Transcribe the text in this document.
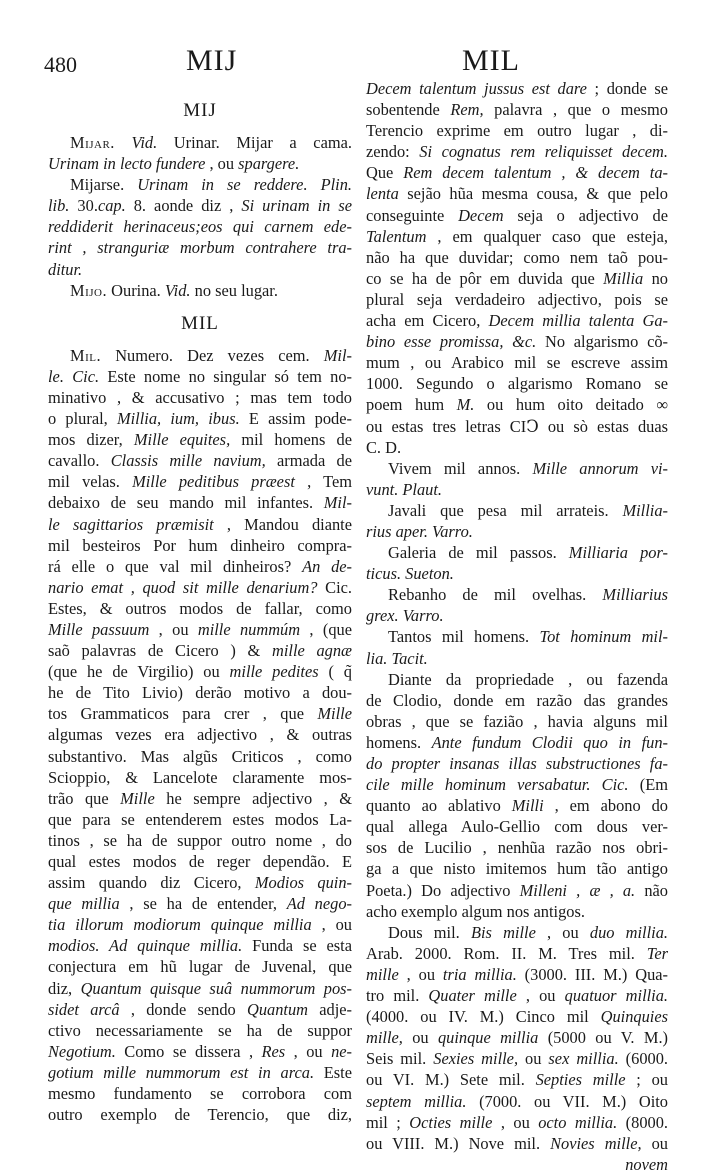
480	MIJ	MIL
MIJ
Mijar. Vid. Urinar. Mijar a cama.
Urinam in lecto fundere , ou spargere.
Mijarse. Urinam in se reddere. Plin.
lib. 30.cap. 8. aonde diz , Si urinam in se
reddiderit herinaceus;eos qui carnem ede-
rint , stranguriæ morbum contrahere tra-
ditur.
Mijo. Ourina. Vid. no seu lugar.
MIL
Mil. Numero. Dez vezes cem. Mil-
le. Cic. Este nome no singular só tem no-
minativo , & accusativo ; mas tem todo
o plural, Millia, ium, ibus. E assim pode-
mos dizer, Mille equites, mil homens de
cavallo. Classis mille navium, armada de
mil velas. Mille peditibus præest , Tem
debaixo de seu mando mil infantes. Mil-
le sagittarios præmisit , Mandou diante
mil besteiros Por hum dinheiro compra-
rá elle o que val mil dinheiros? An de-
nario emat , quod sit mille denarium? Cic.
Estes, & outros modos de fallar, como
Mille passuum , ou mille nummúm , (que
saõ palavras de Cicero ) & mille agnæ
(que he de Virgilio) ou mille pedites ( q̃
he de Tito Livio) derão motivo a dou-
tos Grammaticos para crer , que Mille
algumas vezes era adjectivo , & outras
substantivo. Mas algũs Criticos , como
Scioppio, & Lancelote claramente mos-
trão que Mille he sempre adjectivo , &
que para se entenderem estes modos La-
tinos , se ha de suppor outro nome , do
qual estes modos de reger dependão. E
assim quando diz Cicero, Modios quin-
que millia , se ha de entender, Ad nego-
tia illorum modiorum quinque millia , ou
modios. Ad quinque millia. Funda se esta
conjectura em hũ lugar de Juvenal, que
diz, Quantum quisque suâ nummorum pos-
sidet arcâ , donde sendo Quantum adje-
ctivo necessariamente se ha de suppor
Negotium. Como se dissera , Res , ou ne-
gotium mille nummorum est in arca. Este
mesmo fundamento se corrobora com
outro exemplo de Terencio, que diz,
Decem talentum jussus est dare ; donde se
sobentende Rem, palavra , que o mesmo
Terencio exprime em outro lugar , di-
zendo: Si cognatus rem reliquisset decem.
Que Rem decem talentum , & decem ta-
lenta sejão hũa mesma cousa, & que pelo
conseguinte Decem seja o adjectivo de
Talentum , em qualquer caso que esteja,
não ha que duvidar; como nem taõ pou-
co se ha de pôr em duvida que Millia no
plural seja verdadeiro adjectivo, pois se
acha em Cicero, Decem millia talenta Ga-
bino esse promissa, &c. No algarismo cõ-
mum , ou Arabico mil se escreve assim
1000. Segundo o algarismo Romano se
poem hum M. ou hum oito deitado ∞
ou estas tres letras CIↃ ou sò estas duas
C. D.
Vivem mil annos. Mille annorum vi-
vunt. Plaut.
Javali que pesa mil arrateis. Millia-
rius aper. Varro.
Galeria de mil passos. Milliaria por-
ticus. Sueton.
Rebanho de mil ovelhas. Milliarius
grex. Varro.
Tantos mil homens. Tot hominum mil-
lia. Tacit.
Diante da propriedade , ou fazenda
de Clodio, donde em razão das grandes
obras , que se fazião , havia alguns mil
homens. Ante fundum Clodii quo in fun-
do propter insanas illas substructiones fa-
cile mille hominum versabatur. Cic. (Em
quanto ao ablativo Milli , em abono do
qual allega Aulo-Gellio com dous ver-
sos de Lucilio , nenhũa razão nos obri-
ga a que nisto imitemos hum tão antigo
Poeta.) Do adjectivo Milleni , æ , a. não
acho exemplo algum nos antigos.
Dous mil. Bis mille , ou duo millia.
Arab. 2000. Rom. II. M. Tres mil. Ter
mille , ou tria millia. (3000. III. M.) Qua-
tro mil. Quater mille , ou quatuor millia.
(4000. ou IV. M.) Cinco mil Quinquies
mille, ou quinque millia (5000 ou V. M.)
Seis mil. Sexies mille, ou sex millia. (6000.
ou VI. M.) Sete mil. Septies mille ; ou
septem millia. (7000. ou VII. M.) Oito
mil ; Octies mille , ou octo millia. (8000.
ou VIII. M.) Nove mil. Novies mille, ou
novem
